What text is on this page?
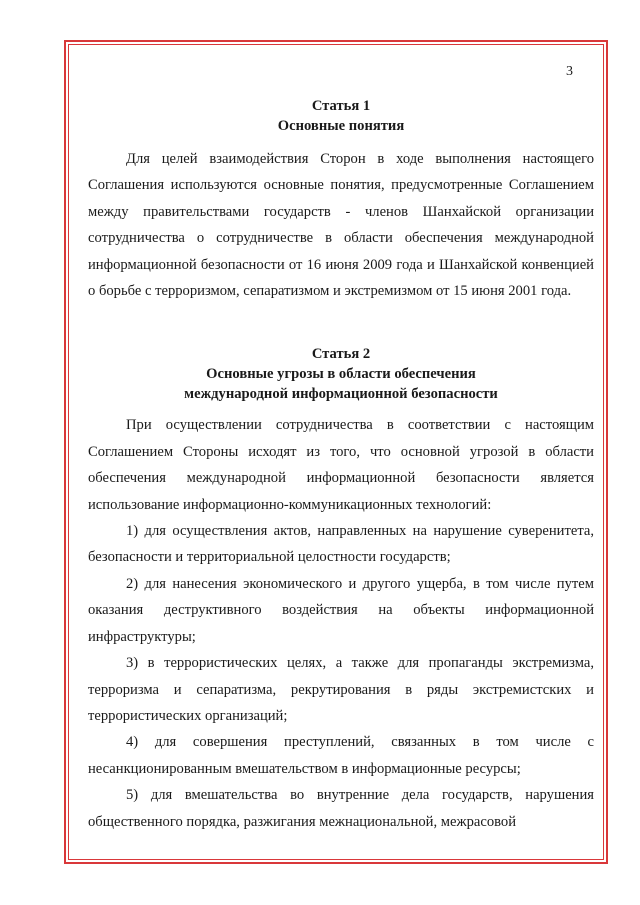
3

Статья 1

Основные понятия

Для целей взаимодействия Сторон в ходе выполнения настоящего Соглашения используются основные понятия, предусмотренные Соглашением между правительствами государств - членов Шанхайской организации сотрудничества о сотрудничестве в области обеспечения международной информационной безопасности от 16 июня 2009 года и Шанхайской конвенцией о борьбе с терроризмом, сепаратизмом и экстремизмом от 15 июня 2001 года.

Статья 2

Основные угрозы в области обеспечения

международной информационной безопасности

При осуществлении сотрудничества в соответствии с настоящим Соглашением Стороны исходят из того, что основной угрозой в области обеспечения международной информационной безопасности является использование информационно-коммуникационных технологий:

1) для осуществления актов, направленных на нарушение суверенитета, безопасности и территориальной целостности государств;

2) для нанесения экономического и другого ущерба, в том числе путем оказания деструктивного воздействия на объекты информационной инфраструктуры;

3) в террористических целях, а также для пропаганды экстремизма, терроризма и сепаратизма, рекрутирования в ряды экстремистских и террористических организаций;

4) для совершения преступлений, связанных в том числе с несанкционированным вмешательством в информационные ресурсы;

5) для вмешательства во внутренние дела государств, нарушения общественного порядка, разжигания межнациональной, межрасовой
